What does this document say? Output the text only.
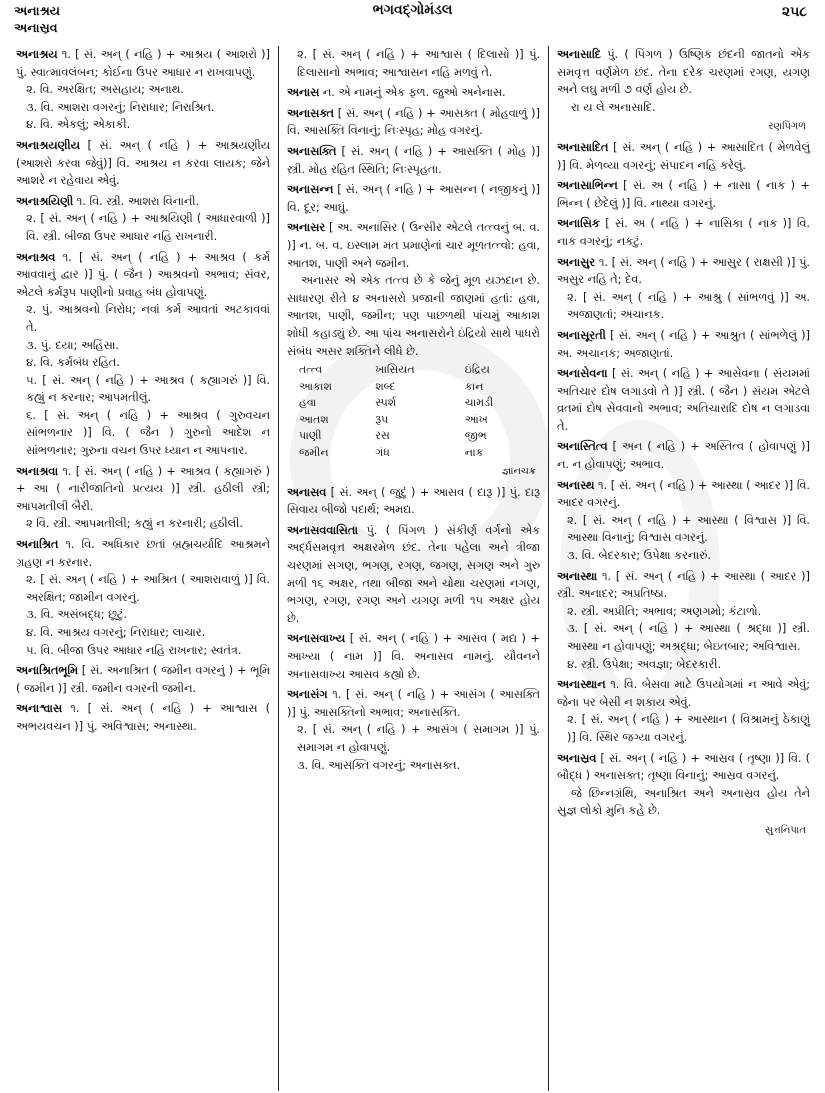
અનાશ્રય
અનાસ્રવ
ભગવદ્ગોમંડલ	૨૫૮

અનાશ્રય ૧. [ સં. અન્ ( નહિ ) + આશ્રય ( આશરો )] પું. સ્વાત્માવલંબન; કોઈના ઉપર આધાર ન રાખવાપણું.

૨. વિ. અરક્ષિત; અસહાય; અનાથ.

૩. વિ. આશરા વગરનું; નિરાધાર; નિરાશ્રિત.

૪. વિ. એકલું; એકાકી.

અનાશ્રયણીય [ સં. અન્ ( નહિ ) + આશ્રયણીય (આશરો કરવા જેવું)] વિ. આશ્રય ન કરવા લાયક; જેને આશરે ન રહેવાય એવું.

અનાશ્રયિણી ૧. વિ. સ્ત્રી. આશરા વિનાની.

૨. [ સં. અન્ ( નહિ ) + આશ્રયિણી ( આધારવાળી )] વિ. સ્ત્રી. બીજા ઉપર આધાર નહિ રાખનારી.

અનાશ્રવ ૧. [ સં. અન્ ( નહિ ) + આશ્રવ ( કર્મ આવવાનું દ્વાર )] પું. ( જૈન ) આશ્રવનો અભાવ; સંવર, એટલે કર્મરૂપ પાણીનો પ્રવાહ બંધ હોવાપણું.

૨. પું. આશ્રવનો નિરોધ; નવાં કર્મ આવતાં અટકાવવાં તે.

૩. પું. દયા; અહિંસા.

૪. વિ. કર્મબંધ રહિત.

૫. [ સં. અન્ ( નહિ ) + આશ્રવ ( કહ્યાગરું )] વિ. કહ્યું ન કરનાર; આપમતીલું.

૬. [ સં. અન્ ( નહિ ) + આશ્રવ ( ગુરુવચન સાંભળનાર )] વિ. ( જૈન ) ગુરુનો આદેશ ન સાંભળનાર; ગુરુના વચન ઉપર ધ્યાન ન આપનાર.

અનાશ્રવા ૧. [ સં. અન્ ( નહિ ) + આશ્રવ ( કહ્યાગરું ) + આ ( નારીજાતિનો પ્રત્યય )] સ્ત્રી. હઠીલી સ્ત્રી; આપમતીલી બૈરી.

૨ વિ. સ્ત્રી. આપમતીલી; કહ્યું ન કરનારી; હઠીલી.

અનાશ્રિત ૧. વિ. અધિકાર છતાં બ્રહ્મચર્યાદિ આશ્રમને ગ્રહણ ન કરનાર.

૨. [ સં. અન્ ( નહિ ) + આશ્રિત ( આશરાવાળું )] વિ. અરક્ષિત; જામીન વગરનું.

૩. વિ. અસંબદ્ધ; છૂટું.

૪. વિ. આશ્રય વગરનું; નિરાધાર; લાચાર.

૫. વિ. બીજા ઉપર આધાર નહિ રાખનાર; સ્વતંત્ર.

અનાશ્રિતભૂમિ [ સં. અનાશ્રિત ( જમીન વગરનું ) + ભૂમિ ( જમીન )] સ્ત્રી. જમીન વગરની જમીન.

અનાશ્વાસ ૧. [ સં. અન્ ( નહિ ) + આશ્વાસ ( અભયવચન )] પું. અવિશ્વાસ; અનાસ્થા.

૨. [ સં. અન્ ( નહિ ) + આશ્વાસ ( દિલાસો )] પું. દિલાસાનો અભાવ; આશ્વાસન નહિ મળવું તે.

અનાસ ન. એ નામનું એક ફળ. જુઓ અનેનાસ.

અનાસક્ત [ સં. અન્ ( નહિ ) + આસક્ત ( મોહવાળું )] વિ. આસક્તિ વિનાનું; નિઃસ્પૃહ; મોહ વગરનું.

અનાસક્તિ [ સં. અન્ ( નહિ ) + આસક્તિ ( મોહ )] સ્ત્રી. મોહ રહિત સ્થિતિ; નિઃસ્પૃહતા.

અનાસન્ન [ સં. અન્ ( નહિ ) + આસન્ન ( નજીકનું )] વિ. દૂર; આઘું.

અનાસર [ અ. અનાસિર ( ઉન્સીર એટલે તત્ત્વનું બ. વ. )] ન. બ. વ. ઇસ્લામ મત પ્રમાણેનાં ચાર મૂળતત્ત્વો: હવા, આતશ, પાણી અને જમીન.

અનાસર એ એક તત્ત્વ છે કે જેનું મૂળ યઝદાન છે. સાધારણ રીતે ૪ અનાસરો પ્રજાની જાણમાં હતાં: હવા, આતશ, પાણી, જમીન; પણ પાછળથી પાંચમું આકાશ શોધી કહાડ્યું છે. આ પાંચ અનાસરોને ઇંદ્રિયો સાથે પાધરો સંબંધ અસર શક્તિને લીધે છે.

તત્ત્વ	ખાસિયત	ઇંદ્રિય
આકાશ	શબ્દ	કાન
હવા	સ્પર્શ	ચામડી
આતશ	રૂપ	આંખ
પાણી	રસ	જીભ
જમીન	ગંધ	નાક
જ્ઞાનચક્ર

અનાસવ [ સં. અન્ ( જુદું ) + આસવ ( દારૂ )] પું. દારૂ સિવાય બીજો પદાર્થ; અમદ્ય.

અનાસવવાસિતા પું. ( પિંગળ ) સંકીર્ણ વર્ગનો એક અર્દ્ધસમવૃત્ત અક્ષરમેળ છંદ. તેના પહેલા અને ત્રીજા ચરણમાં સગણ, ભગણ, રગણ, જગણ, સગણ અને ગુરુ મળી ૧૬ અક્ષર, તથા બીજા અને ચોથા ચરણમાં નગણ, ભગણ, રગણ, રગણ અને યગણ મળી ૧૫ અક્ષર હોય છે.

અનાસવાખ્ય [ સં. અન્ ( નહિ ) + આસવ ( મદ્ય ) + આખ્યા ( નામ )] વિ. અનાસવ નામનું. યૌવનને અનાસવાખ્ય આસવ કહ્યો છે.

અનાસંગ ૧. [ સં. અન્ ( નહિ ) + આસંગ ( આસક્તિ )] પું. આસક્તિનો અભાવ; અનાસક્તિ.

૨. [ સં. અન્ ( નહિ ) + આસંગ ( સમાગમ )] પું. સમાગમ ન હોવાપણું.

૩. વિ. આસક્તિ વગરનું; અનાસક્ત.

અનાસાદિ પું. ( પિંગળ ) ઉષ્ણિક છંદની જાતનો એક સમવૃત્ત વર્ણમેળ છંદ. તેના દરેક ચરણમાં રગણ, યગણ અને લઘુ મળી ૭ વર્ણ હોય છે.

રા ય લે અનાસાદિ.

રણપિંગળ

અનાસાદિત [ સં. અન્ ( નહિ ) + આસાદિત ( મેળવેલું )] વિ. મેળવ્યા વગરનું; સંપાદન નહિ કરેલું.

અનાસાભિન્ન [ સં. અ ( નહિ ) + નાસા ( નાક ) + ભિન્ન ( છેદેલું )] વિ. નાથ્યા વગરનું.

અનાસિક [ સં. અ ( નહિ ) + નાસિકા ( નાક )] વિ. નાક વગરનું; નકટું.

અનાસુર ૧. [ સં. અન્ ( નહિ ) + આસુર ( રાક્ષસી )] પું. અસુર નહિ તે; દેવ.

૨. [ સં. અન્ ( નહિ ) + આશ્રુ ( સાંભળવું )] અ. અજાણતાં; અચાનક.

અનાસૂરતી [ સં. અન્ ( નહિ ) + આશ્રુત ( સાંભળેલું )] અ. અચાનક; અજાણતાં.

અનાસેવના [ સં. અન્ ( નહિ ) + આસેવના ( સંયમમાં અતિચાર દોષ લગાડવો તે )] સ્ત્રી. ( જૈન ) સંયમ એટલે વ્રતમાં દોષ સેવવાનો અભાવ; અતિચારાદિ દોષ ન લગાડવા તે.

અનાસ્તિત્વ [ અન ( નહિ ) + અસ્તિત્વ ( હોવાપણું )] ન. ન હોવાપણું; અભાવ.

અનાસ્થ ૧. [ સં. અન્ ( નહિ ) + આસ્થા ( આદર )] વિ. આદર વગરનું.

૨. [ સં. અન્ ( નહિ ) + આસ્થા ( વિશ્વાસ )] વિ. આસ્થા વિનાનું; વિશ્વાસ વગરનું.

૩. વિ. બેદરકાર; ઉપેક્ષા કરનારું.

અનાસ્થા ૧. [ સં. અન્ ( નહિ ) + આસ્થા ( આદર )] સ્ત્રી. અનાદર; અપ્રતિષ્ઠા.

૨. સ્ત્રી. અપ્રીતિ; અભાવ; અણગમો; કંટાળો.

૩. [ સં. અન્ ( નહિ ) + આસ્થા ( શ્રદ્ધા )] સ્ત્રી. આસ્થા ન હોવાપણું; અશ્રદ્ધા; બેઇતબાર; અવિશ્વાસ.

૪. સ્ત્રી. ઉપેક્ષા; અવજ્ઞા; બેદરકારી.

અનાસ્થાન ૧. વિ. બેસવા માટે ઉપયોગમાં ન આવે એવું; જેના પર બેસી ન શકાય એવું.

૨. [ સં. અન્ ( નહિ ) + આસ્થાન ( વિશ્રામનું ઠેકાણું )] વિ. સ્થિર જગ્યા વગરનું.

અનાસ્રવ [ સં. અન્ ( નહિ ) + આસ્રવ ( તૃષ્ણા )] વિ. ( બૌદ્ધ ) અનાસક્ત; તૃષ્ણા વિનાનું; આસ્રવ વગરનું.

જે છિન્નગ્રંથિ, અનાશ્રિત અને અનાસ્રવ હોય તેને સુજ્ઞ લોકો મુનિ કહે છે.

સુત્તનિપાત
